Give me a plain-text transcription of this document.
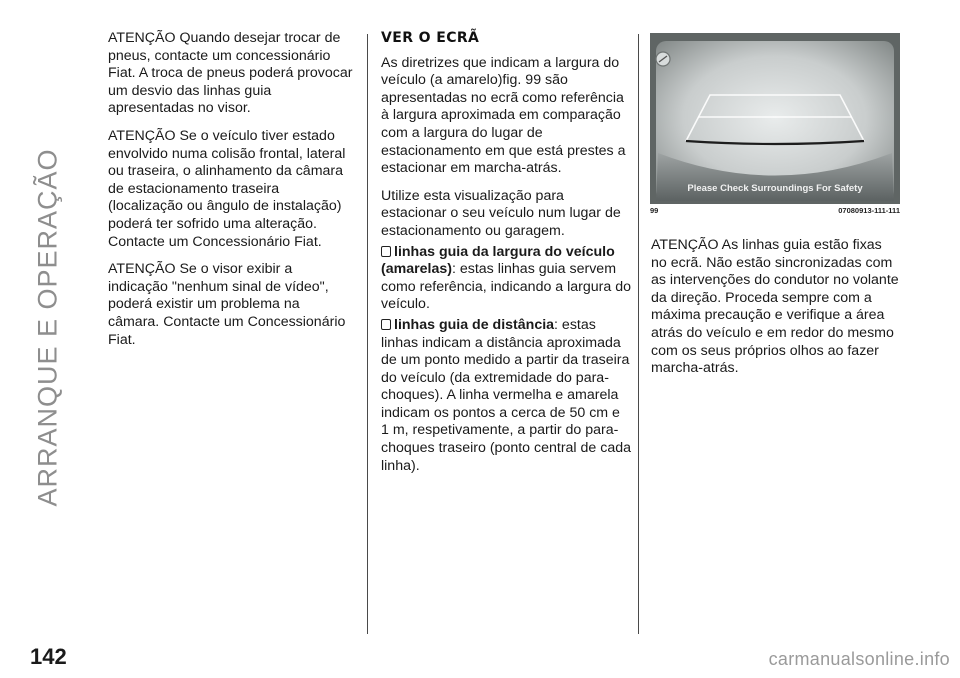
ARRANQUE E OPERAÇÃO
142	carmanualsonline.info

ATENÇÃO Quando desejar trocar de pneus, contacte um concessionário Fiat. A troca de pneus poderá provocar um desvio das linhas guia apresentadas no visor.

ATENÇÃO Se o veículo tiver estado envolvido numa colisão frontal, lateral ou traseira, o alinhamento da câmara de estacionamento traseira (localização ou ângulo de instalação) poderá ter sofrido uma alteração. Contacte um Concessionário Fiat.

ATENÇÃO Se o visor exibir a indicação "nenhum sinal de vídeo", poderá existir um problema na câmara. Contacte um Concessionário Fiat.

VER O ECRÃ

As diretrizes que indicam a largura do veículo (a amarelo)fig. 99 são apresentadas no ecrã como referência à largura aproximada em comparação com a largura do lugar de estacionamento em que está prestes a estacionar em marcha-atrás.

Utilize esta visualização para estacionar o seu veículo num lugar de estacionamento ou garagem.

linhas guia da largura do veículo (amarelas): estas linhas guia servem como referência, indicando a largura do veículo.

linhas guia de distância: estas linhas indicam a distância aproximada de um ponto medido a partir da traseira do veículo (da extremidade do para-choques). A linha vermelha e amarela indicam os pontos a cerca de 50 cm e 1 m, respetivamente, a partir do para-choques traseiro (ponto central de cada linha).

Please Check Surroundings For Safety
99	07080913-111-111

ATENÇÃO As linhas guia estão fixas no ecrã. Não estão sincronizadas com as intervenções do condutor no volante da direção. Proceda sempre com a máxima precaução e verifique a área atrás do veículo e em redor do mesmo com os seus próprios olhos ao fazer marcha-atrás.
